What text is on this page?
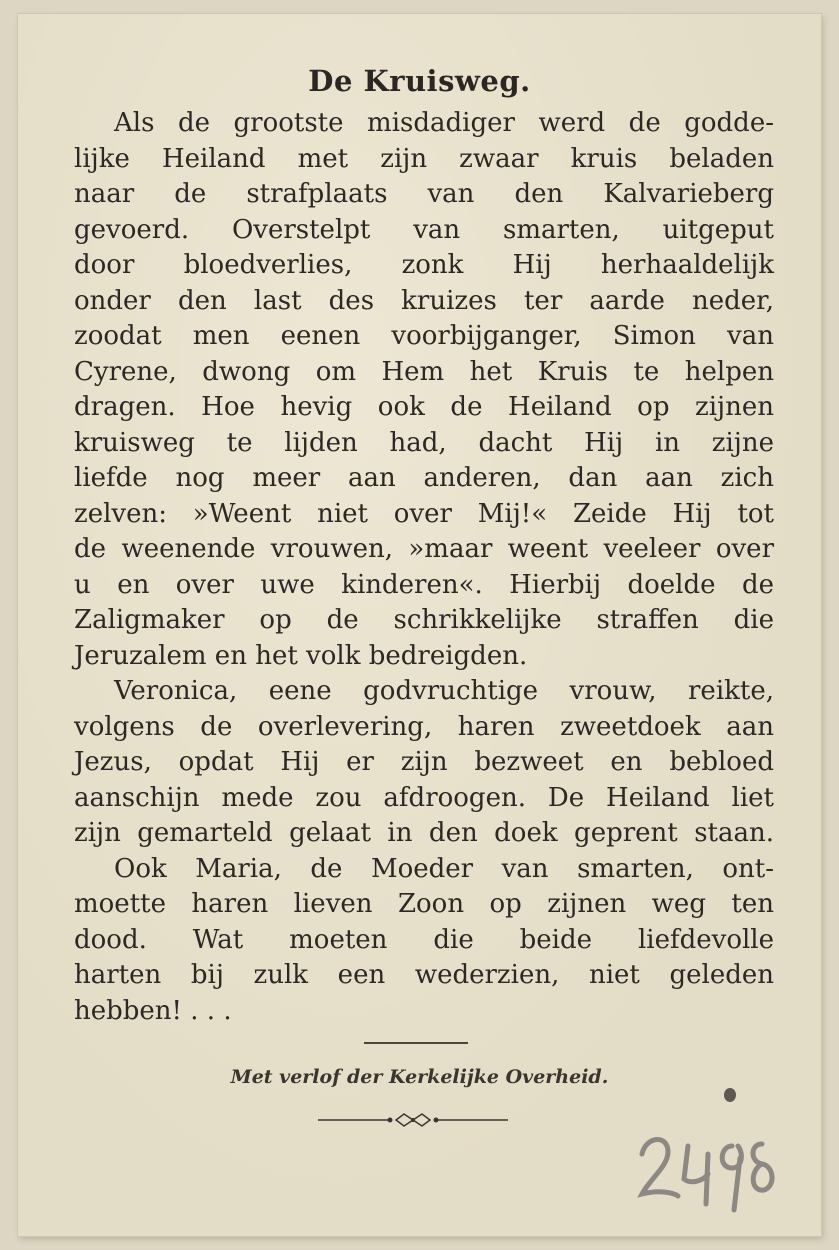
De Kruisweg.
Als de grootste misdadiger werd de godde-
lijke Heiland met zijn zwaar kruis beladen
naar de strafplaats van den Kalvarieberg
gevoerd. Overstelpt van smarten, uitgeput
door bloedverlies, zonk Hij herhaaldelijk
onder den last des kruizes ter aarde neder,
zoodat men eenen voorbijganger, Simon van
Cyrene, dwong om Hem het Kruis te helpen
dragen. Hoe hevig ook de Heiland op zijnen
kruisweg te lijden had, dacht Hij in zijne
liefde nog meer aan anderen, dan aan zich
zelven: »Weent niet over Mij!« Zeide Hij tot
de weenende vrouwen, »maar weent veeleer over
u en over uwe kinderen«. Hierbij doelde de
Zaligmaker op de schrikkelijke straffen die
Jeruzalem en het volk bedreigden.
Veronica, eene godvruchtige vrouw, reikte,
volgens de overlevering, haren zweetdoek aan
Jezus, opdat Hij er zijn bezweet en bebloed
aanschijn mede zou afdroogen. De Heiland liet
zijn gemarteld gelaat in den doek geprent staan.
Ook Maria, de Moeder van smarten, ont-
moette haren lieven Zoon op zijnen weg ten
dood. Wat moeten die beide liefdevolle
harten bij zulk een wederzien, niet geleden
hebben! . . .
Met verlof der Kerkelijke Overheid.
